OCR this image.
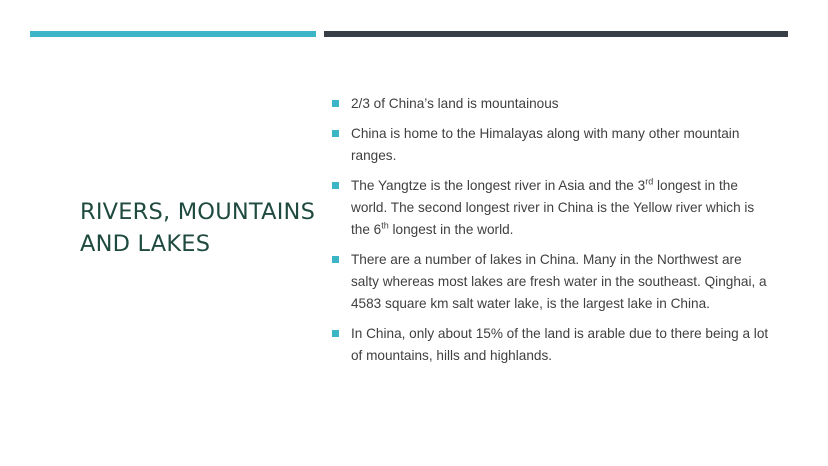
RIVERS, MOUNTAINS AND LAKES
2/3 of China’s land is mountainous
China is home to the Himalayas along with many other mountain ranges.
The Yangtze is the longest river in Asia and the 3rd longest in the world. The second longest river in China is the Yellow river which is the 6th longest in the world.
There are a number of lakes in China. Many in the Northwest are salty whereas most lakes are fresh water in the southeast. Qinghai, a 4583 square km salt water lake, is the largest lake in China.
In China, only about 15% of the land is arable due to there being a lot of mountains, hills and highlands.
